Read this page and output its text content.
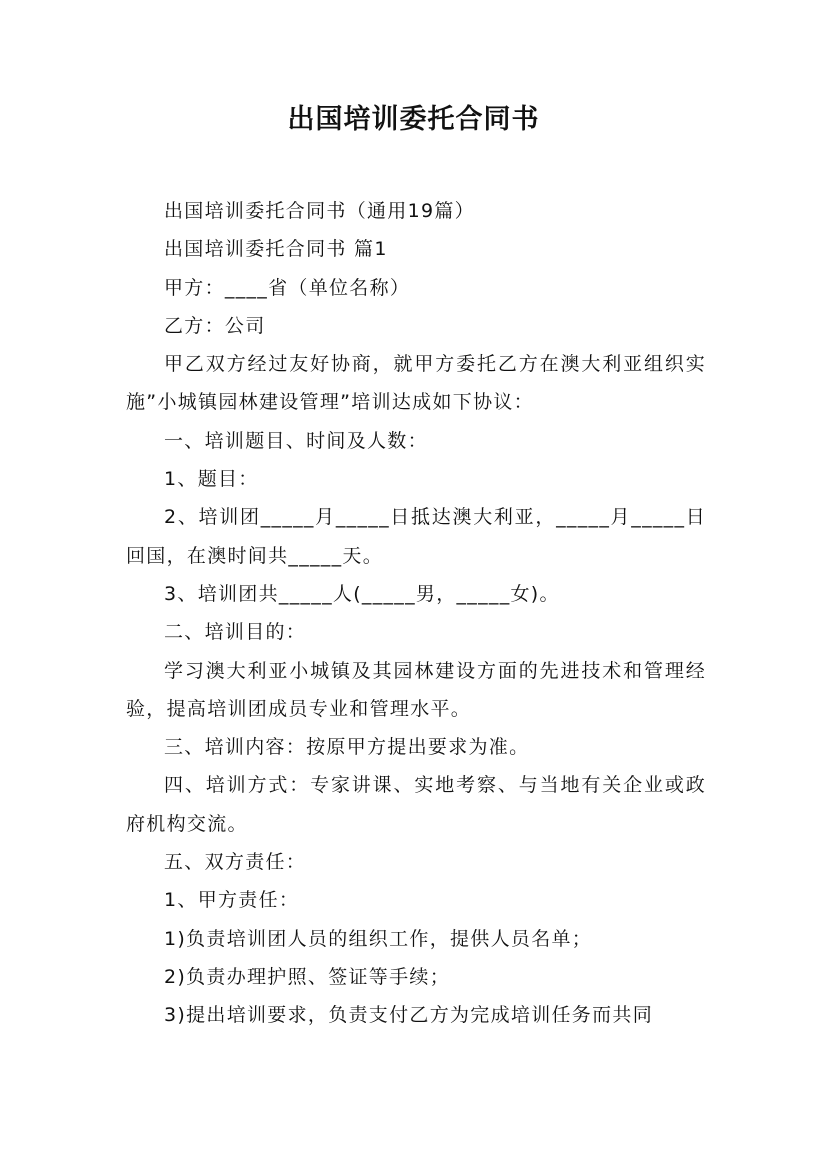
出国培训委托合同书

出国培训委托合同书（通用19篇）

出国培训委托合同书 篇1

甲方：____省（单位名称）

乙方：公司

甲乙双方经过友好协商，就甲方委托乙方在澳大利亚组织实施”小城镇园林建设管理”培训达成如下协议：

一、培训题目、时间及人数：

1、题目：

2、培训团_____月_____日抵达澳大利亚，_____月_____日回国，在澳时间共_____天。

3、培训团共_____人(_____男，_____女)。

二、培训目的：

学习澳大利亚小城镇及其园林建设方面的先进技术和管理经验，提高培训团成员专业和管理水平。

三、培训内容：按原甲方提出要求为准。

四、培训方式：专家讲课、实地考察、与当地有关企业或政府机构交流。

五、双方责任：

1、甲方责任：

1)负责培训团人员的组织工作，提供人员名单；

2)负责办理护照、签证等手续；

3)提出培训要求，负责支付乙方为完成培训任务而共同
